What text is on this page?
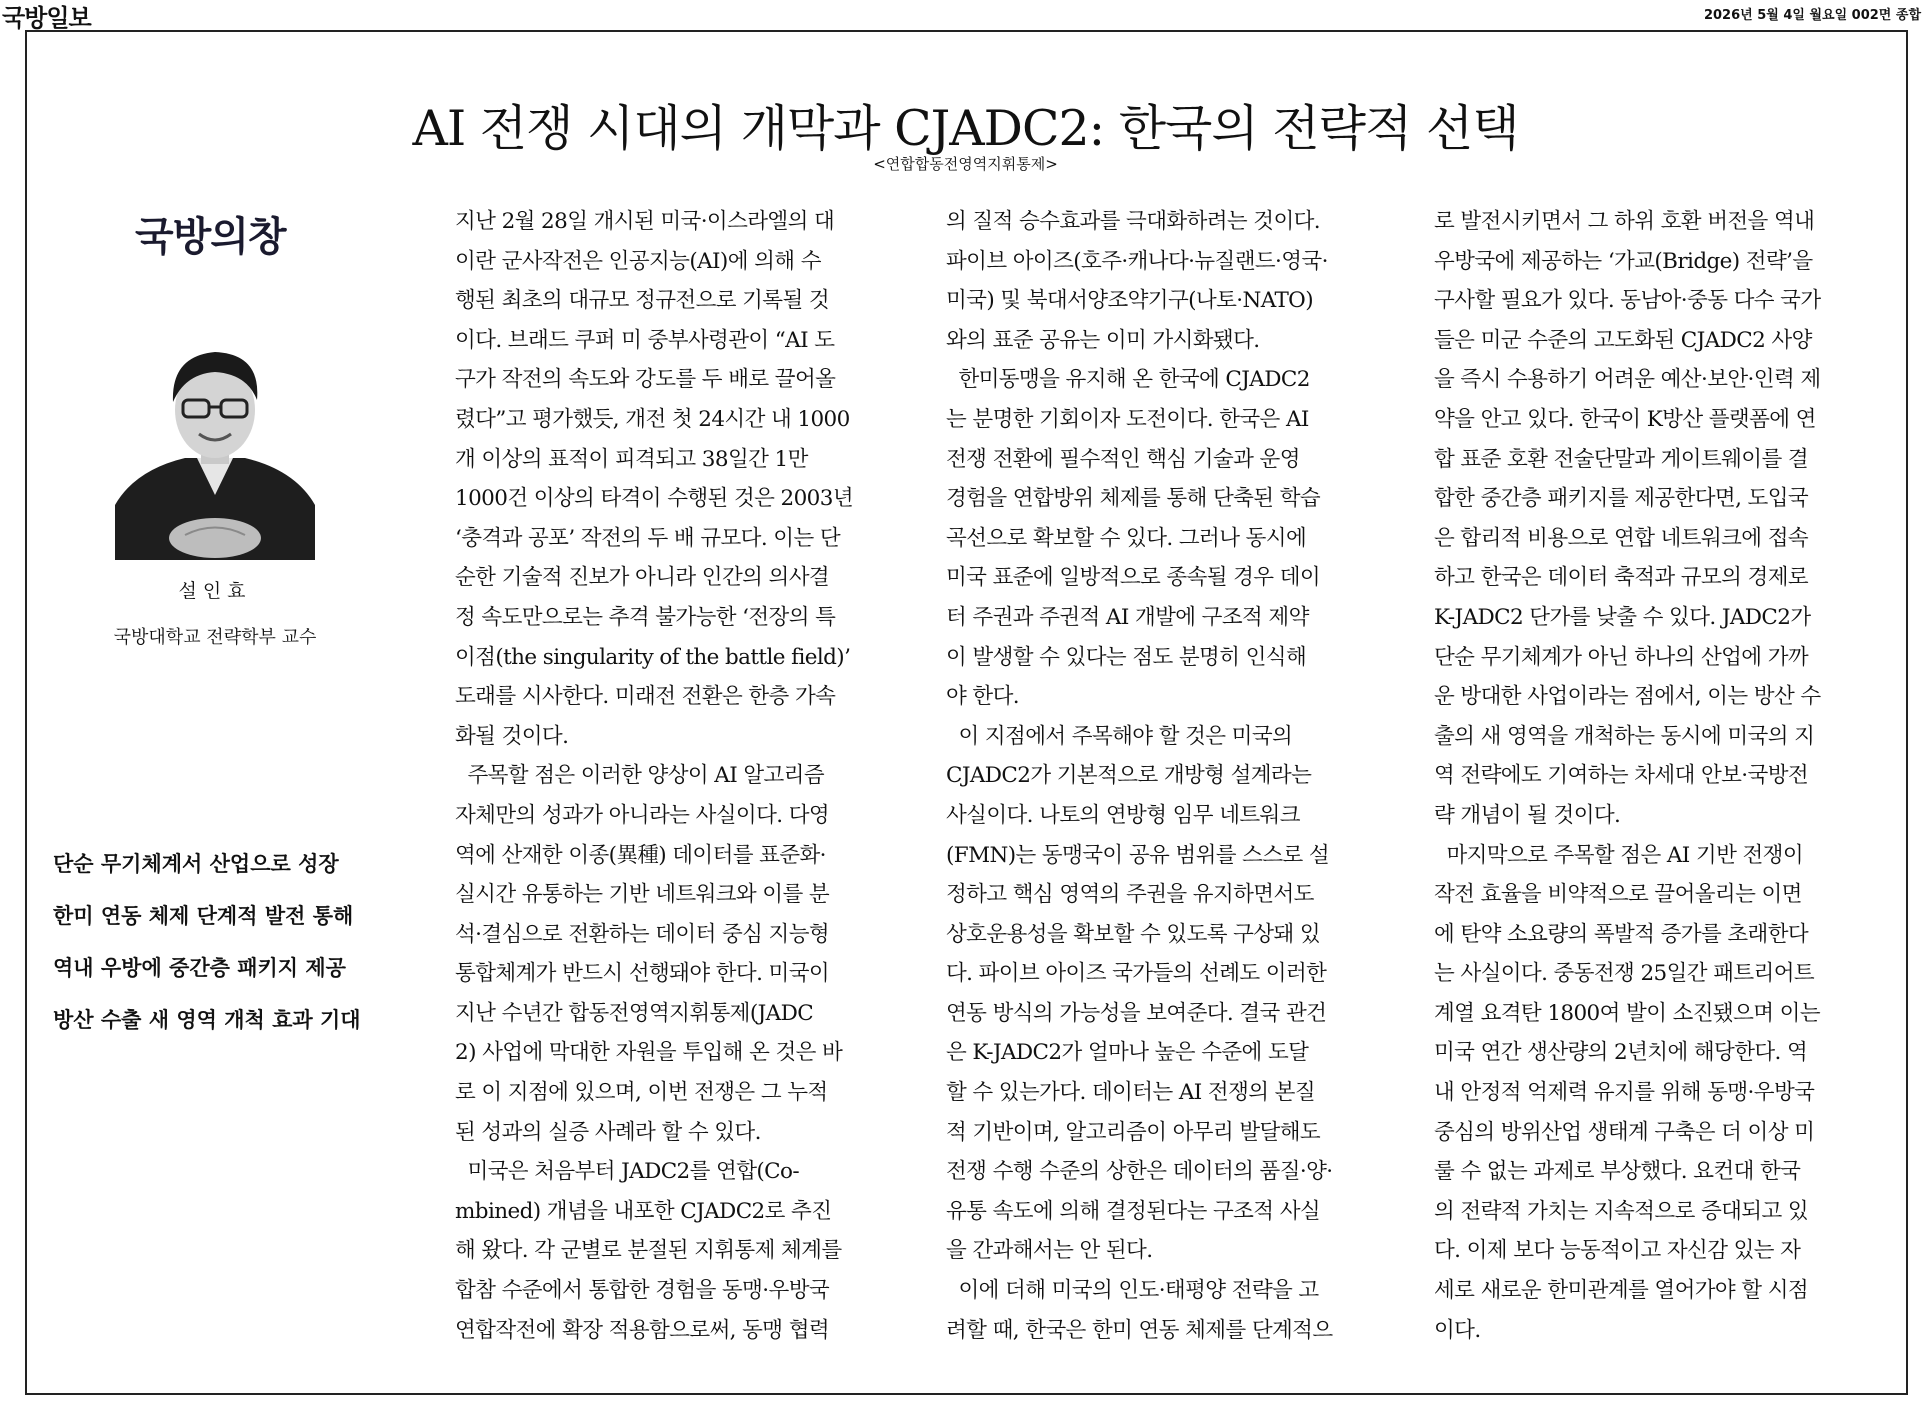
국방일보	2026년 5월 4일 월요일 002면 종합
AI 전쟁 시대의 개막과 CJADC2: 한국의 전략적 선택
<연합합동전영역지휘통제>
국방의창
설인효
국방대학교 전략학부 교수
단순 무기체계서 산업으로 성장
한미 연동 체제 단계적 발전 통해
역내 우방에 중간층 패키지 제공
방산 수출 새 영역 개척 효과 기대
지난 2월 28일 개시된 미국·이스라엘의 대
이란 군사작전은 인공지능(AI)에 의해 수
행된 최초의 대규모 정규전으로 기록될 것
이다. 브래드 쿠퍼 미 중부사령관이 “AI 도
구가 작전의 속도와 강도를 두 배로 끌어올
렸다”고 평가했듯, 개전 첫 24시간 내 1000
개 이상의 표적이 피격되고 38일간 1만
1000건 이상의 타격이 수행된 것은 2003년
‘충격과 공포’ 작전의 두 배 규모다. 이는 단
순한 기술적 진보가 아니라 인간의 의사결
정 속도만으로는 추격 불가능한 ‘전장의 특
이점(the singularity of the battle field)’
도래를 시사한다. 미래전 전환은 한층 가속
화될 것이다.
주목할 점은 이러한 양상이 AI 알고리즘
자체만의 성과가 아니라는 사실이다. 다영
역에 산재한 이종(異種) 데이터를 표준화·
실시간 유통하는 기반 네트워크와 이를 분
석·결심으로 전환하는 데이터 중심 지능형
통합체계가 반드시 선행돼야 한다. 미국이
지난 수년간 합동전영역지휘통제(JADC
2) 사업에 막대한 자원을 투입해 온 것은 바
로 이 지점에 있으며, 이번 전쟁은 그 누적
된 성과의 실증 사례라 할 수 있다.
미국은 처음부터 JADC2를 연합(Co-
mbined) 개념을 내포한 CJADC2로 추진
해 왔다. 각 군별로 분절된 지휘통제 체계를
합참 수준에서 통합한 경험을 동맹·우방국
연합작전에 확장 적용함으로써, 동맹 협력
의 질적 승수효과를 극대화하려는 것이다.
파이브 아이즈(호주·캐나다·뉴질랜드·영국·
미국) 및 북대서양조약기구(나토·NATO)
와의 표준 공유는 이미 가시화됐다.
한미동맹을 유지해 온 한국에 CJADC2
는 분명한 기회이자 도전이다. 한국은 AI
전쟁 전환에 필수적인 핵심 기술과 운영
경험을 연합방위 체제를 통해 단축된 학습
곡선으로 확보할 수 있다. 그러나 동시에
미국 표준에 일방적으로 종속될 경우 데이
터 주권과 주권적 AI 개발에 구조적 제약
이 발생할 수 있다는 점도 분명히 인식해
야 한다.
이 지점에서 주목해야 할 것은 미국의
CJADC2가 기본적으로 개방형 설계라는
사실이다. 나토의 연방형 임무 네트워크
(FMN)는 동맹국이 공유 범위를 스스로 설
정하고 핵심 영역의 주권을 유지하면서도
상호운용성을 확보할 수 있도록 구상돼 있
다. 파이브 아이즈 국가들의 선례도 이러한
연동 방식의 가능성을 보여준다. 결국 관건
은 K-JADC2가 얼마나 높은 수준에 도달
할 수 있는가다. 데이터는 AI 전쟁의 본질
적 기반이며, 알고리즘이 아무리 발달해도
전쟁 수행 수준의 상한은 데이터의 품질·양·
유통 속도에 의해 결정된다는 구조적 사실
을 간과해서는 안 된다.
이에 더해 미국의 인도·태평양 전략을 고
려할 때, 한국은 한미 연동 체제를 단계적으
로 발전시키면서 그 하위 호환 버전을 역내
우방국에 제공하는 ‘가교(Bridge) 전략’을
구사할 필요가 있다. 동남아·중동 다수 국가
들은 미군 수준의 고도화된 CJADC2 사양
을 즉시 수용하기 어려운 예산·보안·인력 제
약을 안고 있다. 한국이 K방산 플랫폼에 연
합 표준 호환 전술단말과 게이트웨이를 결
합한 중간층 패키지를 제공한다면, 도입국
은 합리적 비용으로 연합 네트워크에 접속
하고 한국은 데이터 축적과 규모의 경제로
K-JADC2 단가를 낮출 수 있다. JADC2가
단순 무기체계가 아닌 하나의 산업에 가까
운 방대한 사업이라는 점에서, 이는 방산 수
출의 새 영역을 개척하는 동시에 미국의 지
역 전략에도 기여하는 차세대 안보·국방전
략 개념이 될 것이다.
마지막으로 주목할 점은 AI 기반 전쟁이
작전 효율을 비약적으로 끌어올리는 이면
에 탄약 소요량의 폭발적 증가를 초래한다
는 사실이다. 중동전쟁 25일간 패트리어트
계열 요격탄 1800여 발이 소진됐으며 이는
미국 연간 생산량의 2년치에 해당한다. 역
내 안정적 억제력 유지를 위해 동맹·우방국
중심의 방위산업 생태계 구축은 더 이상 미
룰 수 없는 과제로 부상했다. 요컨대 한국
의 전략적 가치는 지속적으로 증대되고 있
다. 이제 보다 능동적이고 자신감 있는 자
세로 새로운 한미관계를 열어가야 할 시점
이다.
